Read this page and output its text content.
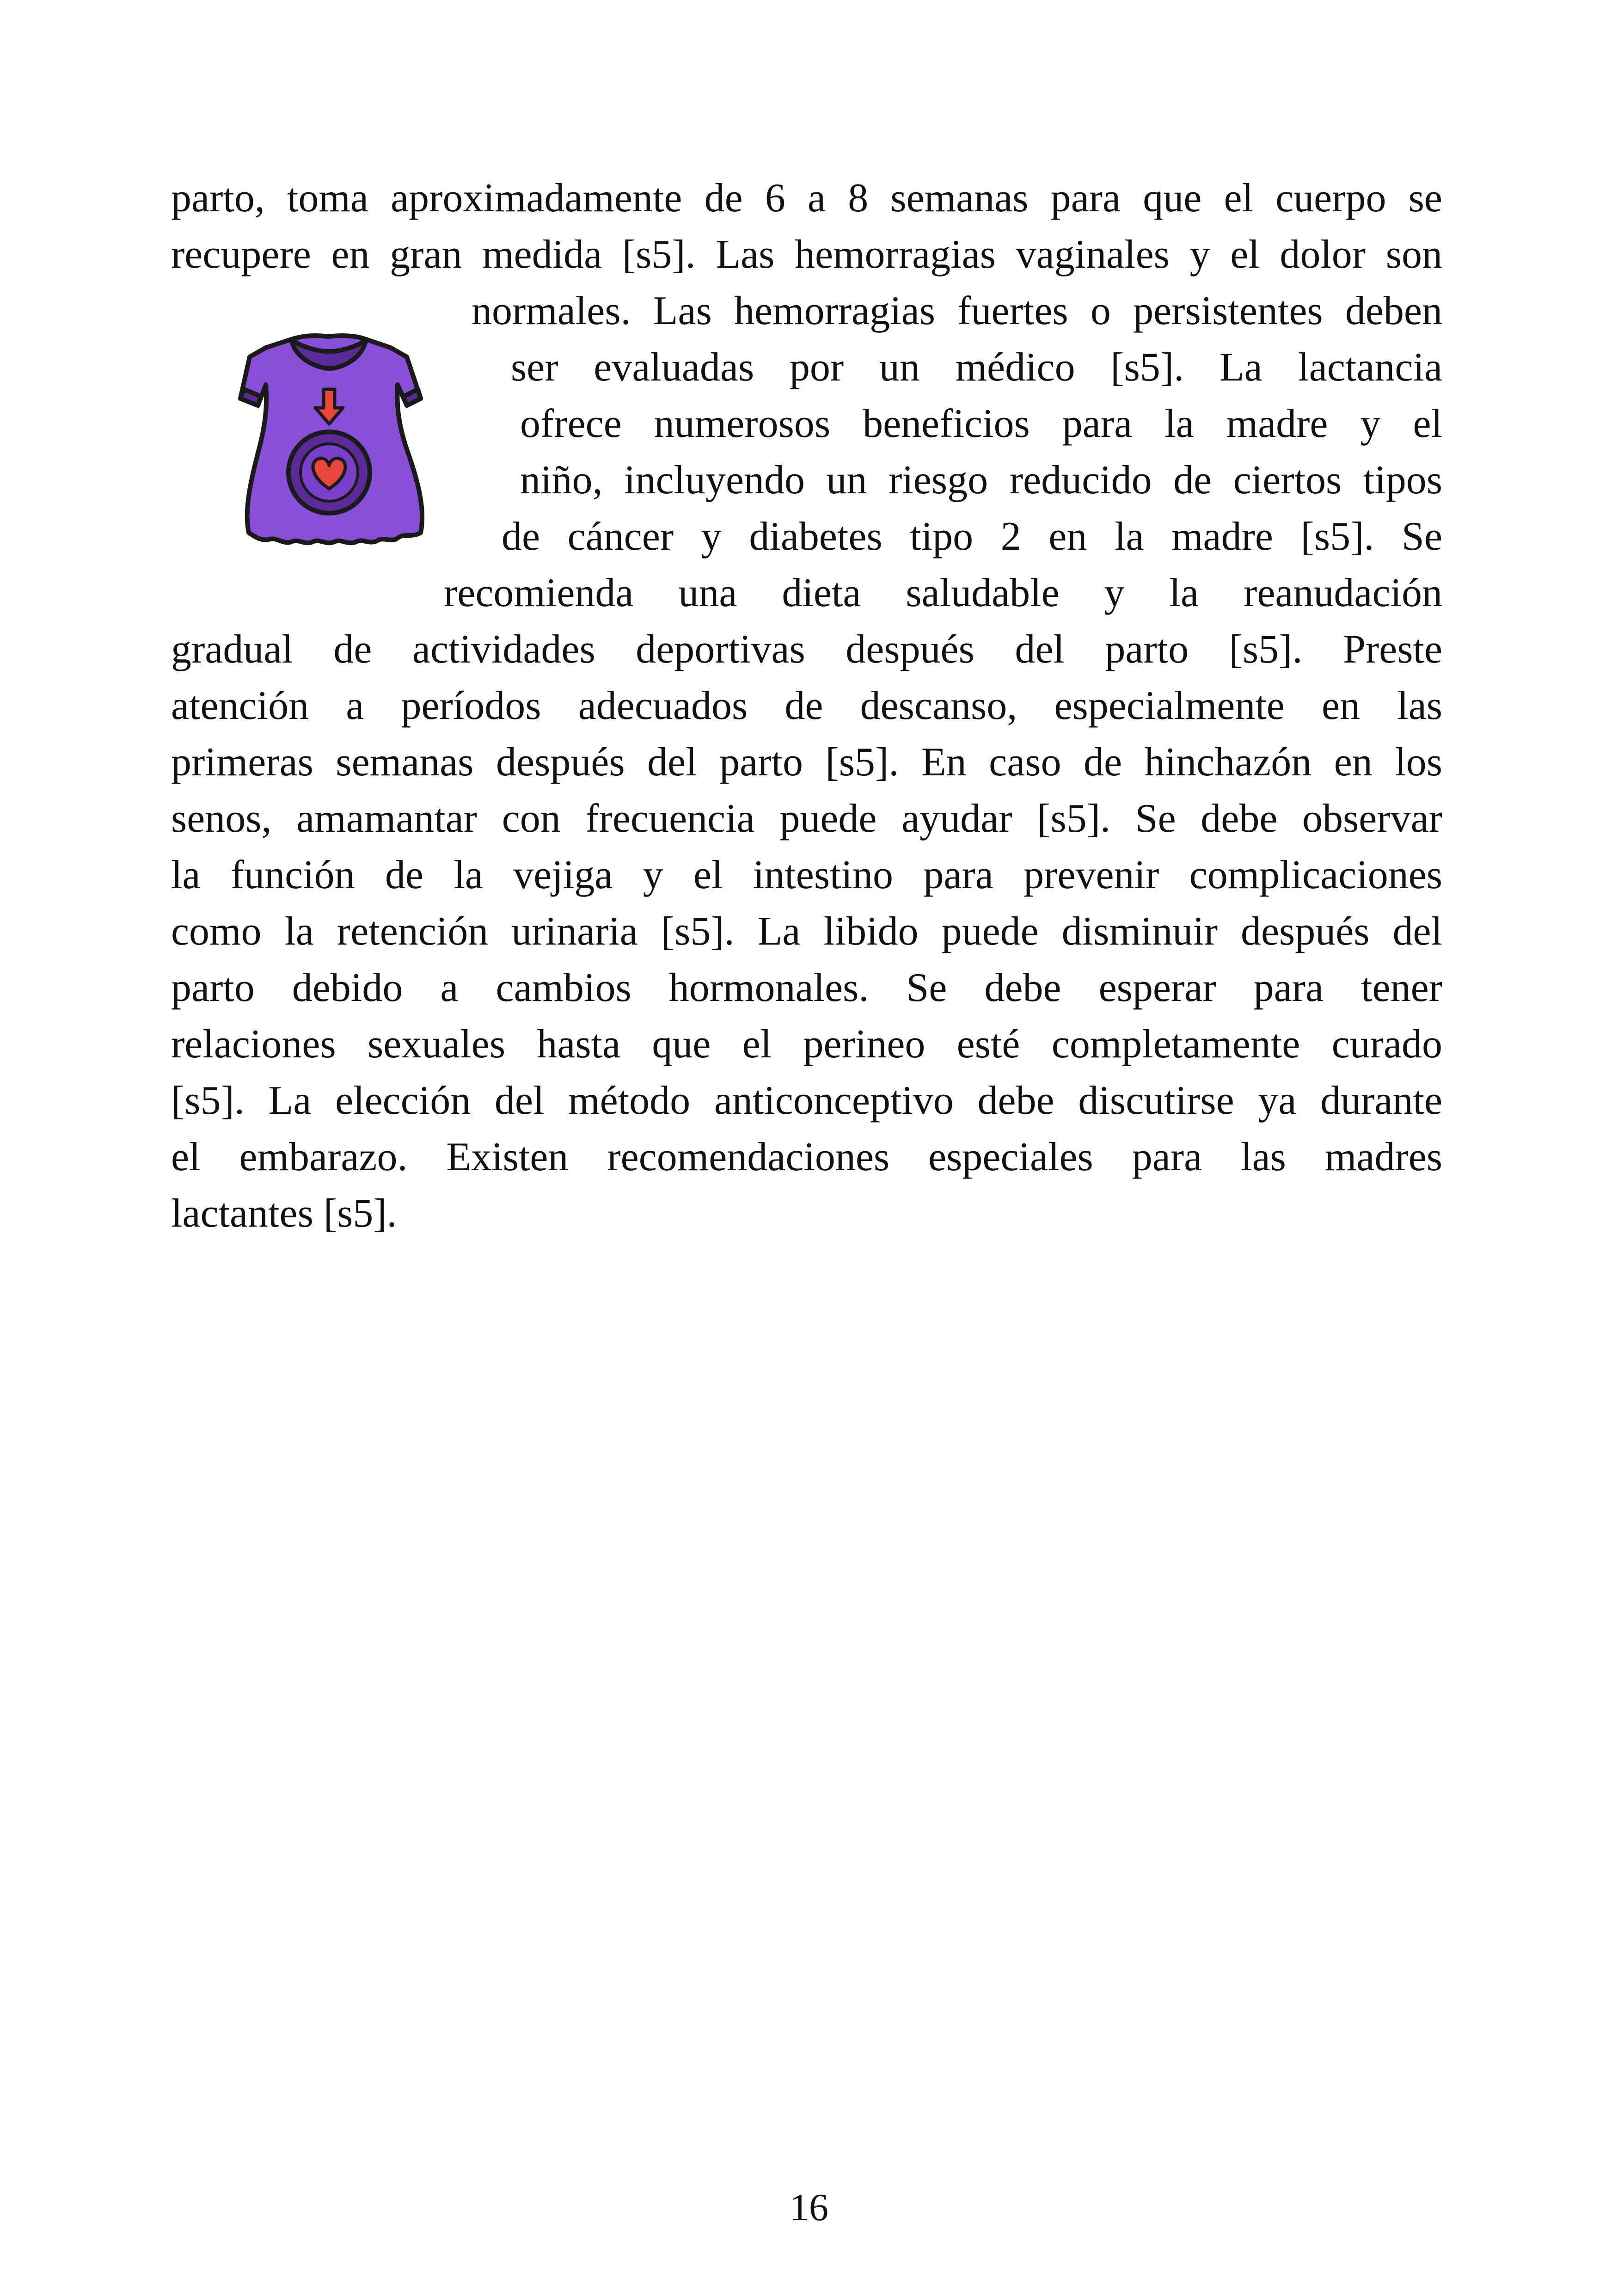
parto, toma aproximadamente de 6 a 8 semanas para que el cuerpo se
recupere en gran medida [s5]. Las hemorragias vaginales y el dolor son
normales. Las hemorragias fuertes o persistentes deben
ser evaluadas por un médico [s5]. La lactancia
ofrece numerosos beneficios para la madre y el
niño, incluyendo un riesgo reducido de ciertos tipos
de cáncer y diabetes tipo 2 en la madre [s5]. Se
recomienda una dieta saludable y la reanudación
gradual de actividades deportivas después del parto [s5]. Preste
atención a períodos adecuados de descanso, especialmente en las
primeras semanas después del parto [s5]. En caso de hinchazón en los
senos, amamantar con frecuencia puede ayudar [s5]. Se debe observar
la función de la vejiga y el intestino para prevenir complicaciones
como la retención urinaria [s5]. La libido puede disminuir después del
parto debido a cambios hormonales. Se debe esperar para tener
relaciones sexuales hasta que el perineo esté completamente curado
[s5]. La elección del método anticonceptivo debe discutirse ya durante
el embarazo. Existen recomendaciones especiales para las madres
lactantes [s5].
16
